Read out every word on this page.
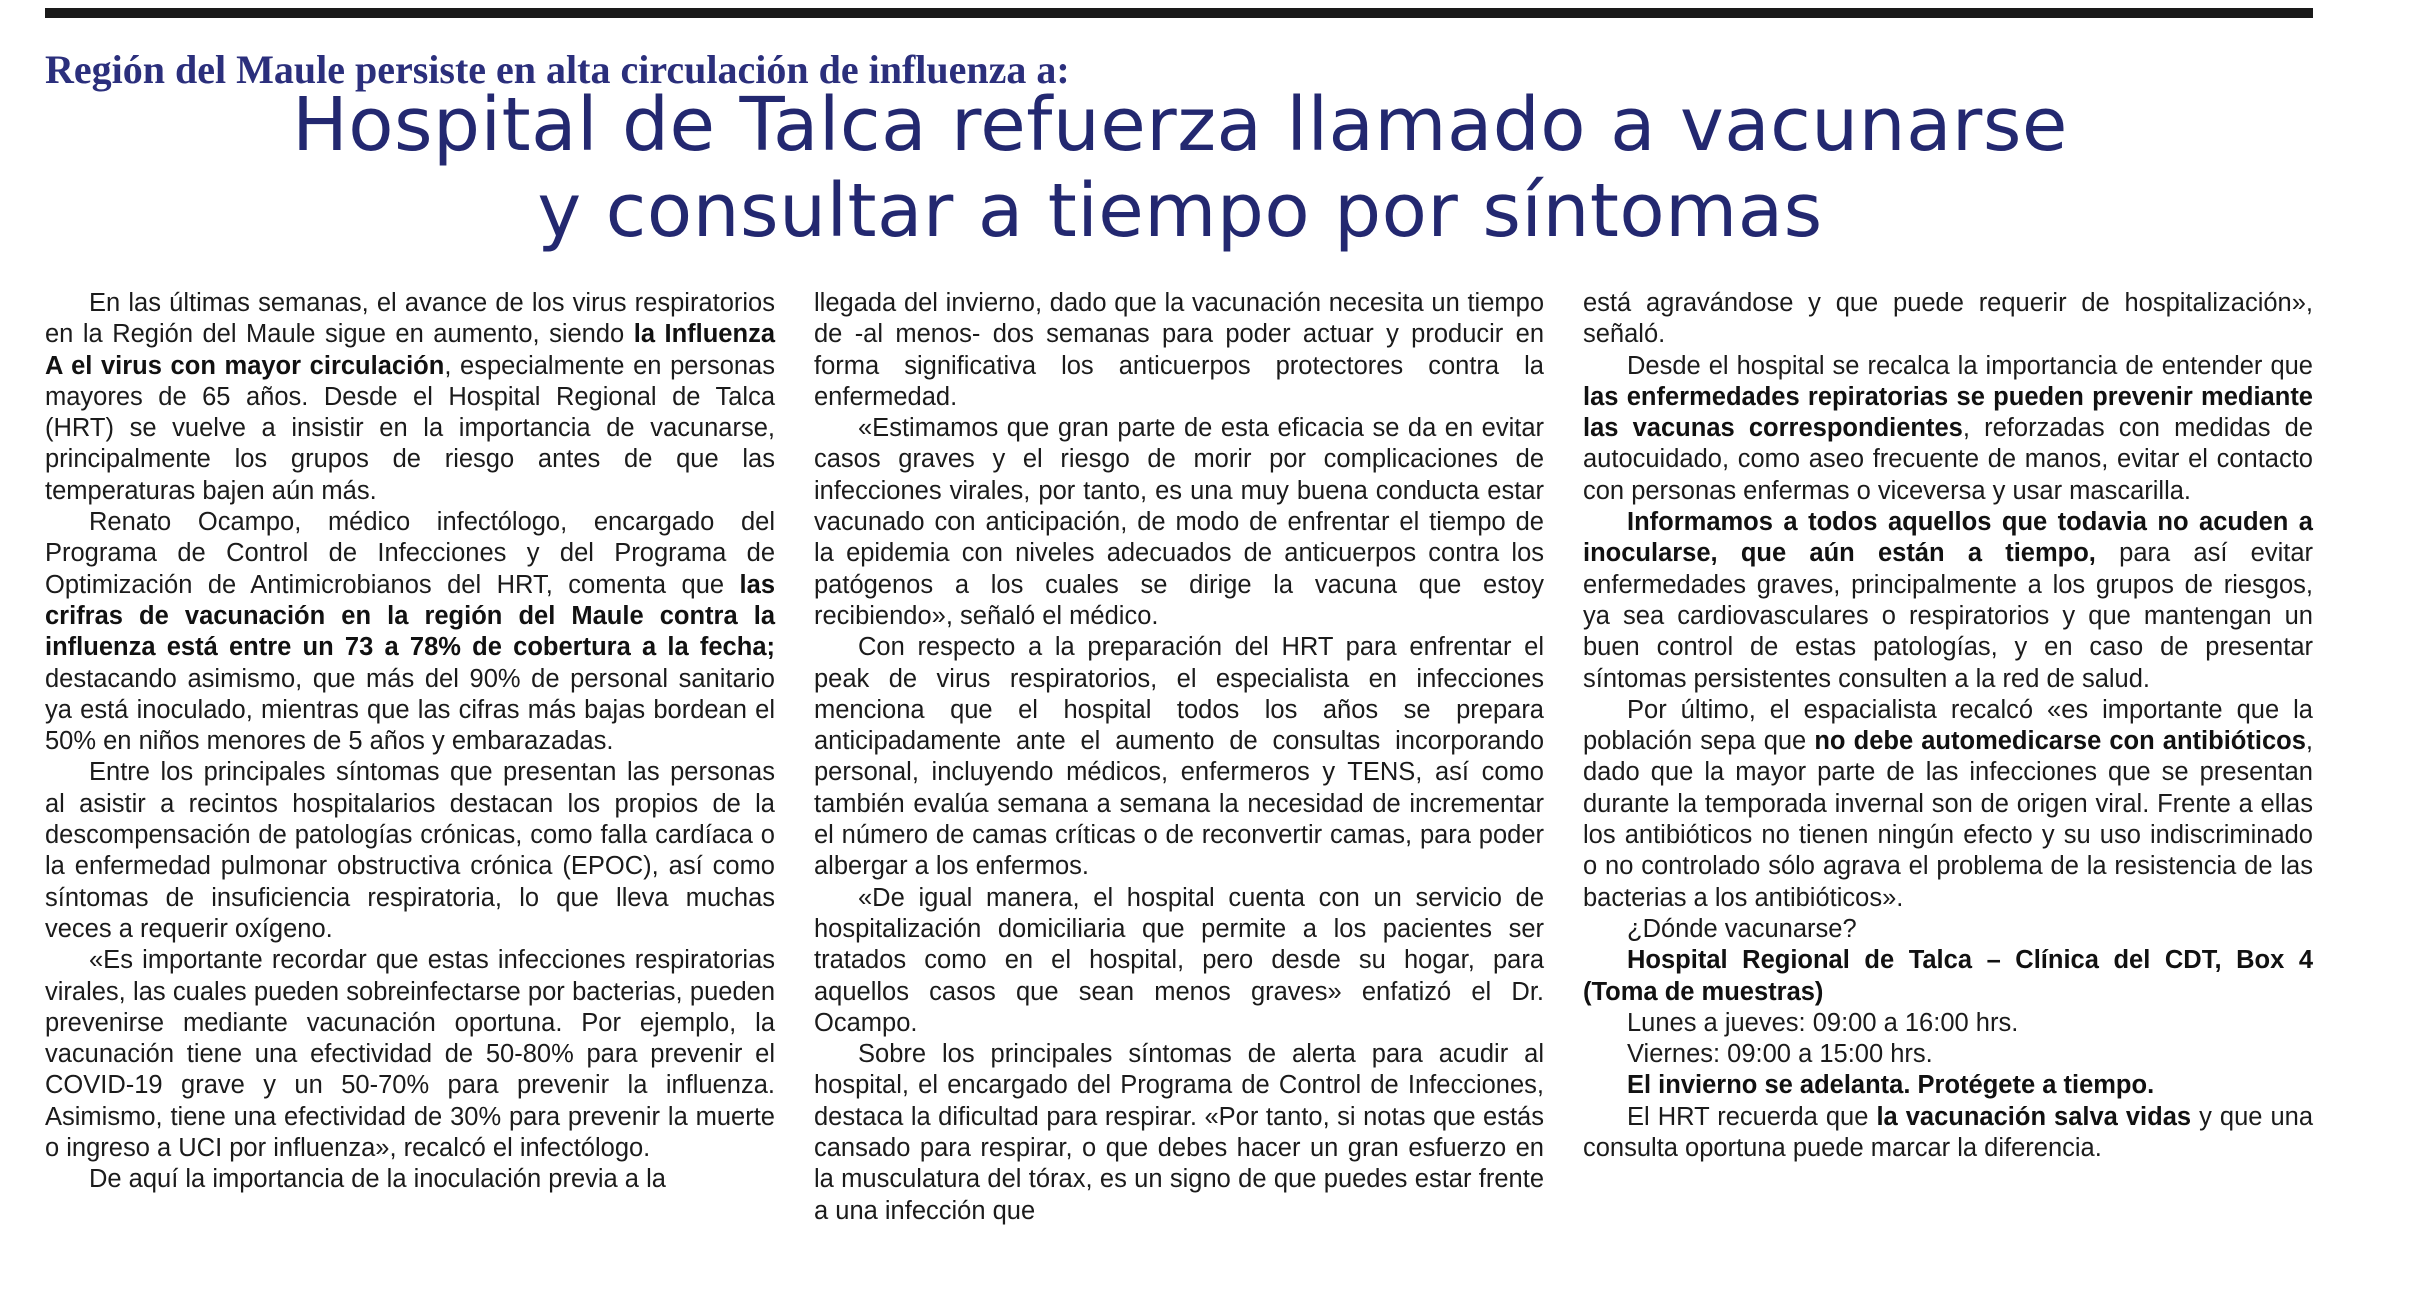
Región del Maule persiste en alta circulación de influenza a:
Hospital de Talca refuerza llamado a vacunarse
y consultar a tiempo por síntomas

En las últimas semanas, el avance de los virus respiratorios en la Región del Maule sigue en aumento, siendo la Influenza A el virus con mayor circulación, especialmente en personas mayores de 65 años. Desde el Hospital Regional de Talca (HRT) se vuelve a insistir en la importancia de vacunarse, principalmente los grupos de riesgo antes de que las temperaturas bajen aún más.

Renato Ocampo, médico infectólogo, encargado del Programa de Control de Infecciones y del Programa de Optimización de Antimicrobianos del HRT, comenta que las crifras de vacunación en la región del Maule contra la influenza está entre un 73 a 78% de cobertura a la fecha; destacando asimismo, que más del 90% de personal sanitario ya está inoculado, mientras que las cifras más bajas bordean el 50% en niños menores de 5 años y embarazadas.

Entre los principales síntomas que presentan las personas al asistir a recintos hospitalarios destacan los propios de la descompensación de patologías crónicas, como falla cardíaca o la enfermedad pulmonar obstructiva crónica (EPOC), así como síntomas de insuficiencia respiratoria, lo que lleva muchas veces a requerir oxígeno.

«Es importante recordar que estas infecciones respiratorias virales, las cuales pueden sobreinfectarse por bacterias, pueden prevenirse mediante vacunación oportuna. Por ejemplo, la vacunación tiene una efectividad de 50-80% para prevenir el COVID-19 grave y un 50-70% para prevenir la influenza. Asimismo, tiene una efectividad de 30% para prevenir la muerte o ingreso a UCI por influenza», recalcó el infectólogo.

De aquí la importancia de la inoculación previa a la

llegada del invierno, dado que la vacunación necesita un tiempo de -al menos- dos semanas para poder actuar y producir en forma significativa los anticuerpos protectores contra la enfermedad.

«Estimamos que gran parte de esta eficacia se da en evitar casos graves y el riesgo de morir por complicaciones de infecciones virales, por tanto, es una muy buena conducta estar vacunado con anticipación, de modo de enfrentar el tiempo de la epidemia con niveles adecuados de anticuerpos contra los patógenos a los cuales se dirige la vacuna que estoy recibiendo», señaló el médico.

Con respecto a la preparación del HRT para enfrentar el peak de virus respiratorios, el especialista en infecciones menciona que el hospital todos los años se prepara anticipadamente ante el aumento de consultas incorporando personal, incluyendo médicos, enfermeros y TENS, así como también evalúa semana a semana la necesidad de incrementar el número de camas críticas o de reconvertir camas, para poder albergar a los enfermos.

«De igual manera, el hospital cuenta con un servicio de hospitalización domiciliaria que permite a los pacientes ser tratados como en el hospital, pero desde su hogar, para aquellos casos que sean menos graves» enfatizó el Dr. Ocampo.

Sobre los principales síntomas de alerta para acudir al hospital, el encargado del Programa de Control de Infecciones, destaca la dificultad para respirar. «Por tanto, si notas que estás cansado para respirar, o que debes hacer un gran esfuerzo en la musculatura del tórax, es un signo de que puedes estar frente a una infección que

está agravándose y que puede requerir de hospitalización», señaló.

Desde el hospital se recalca la importancia de entender que las enfermedades repiratorias se pueden prevenir mediante las vacunas correspondientes, reforzadas con medidas de autocuidado, como aseo frecuente de manos, evitar el contacto con personas enfermas o viceversa y usar mascarilla.

Informamos a todos aquellos que todavia no acuden a inocularse, que aún están a tiempo, para así evitar enfermedades graves, principalmente a los grupos de riesgos, ya sea cardiovasculares o respiratorios y que mantengan un buen control de estas patologías, y en caso de presentar síntomas persistentes consulten a la red de salud.

Por último, el espacialista recalcó «es importante que la población sepa que no debe automedicarse con antibióticos, dado que la mayor parte de las infecciones que se presentan durante la temporada invernal son de origen viral. Frente a ellas los antibióticos no tienen ningún efecto y su uso indiscriminado o no controlado sólo agrava el problema de la resistencia de las bacterias a los antibióticos».

¿Dónde vacunarse?

Hospital Regional de Talca – Clínica del CDT, Box 4 (Toma de muestras)

Lunes a jueves: 09:00 a 16:00 hrs.

Viernes: 09:00 a 15:00 hrs.

El invierno se adelanta. Protégete a tiempo.

El HRT recuerda que la vacunación salva vidas y que una consulta oportuna puede marcar la diferencia.
